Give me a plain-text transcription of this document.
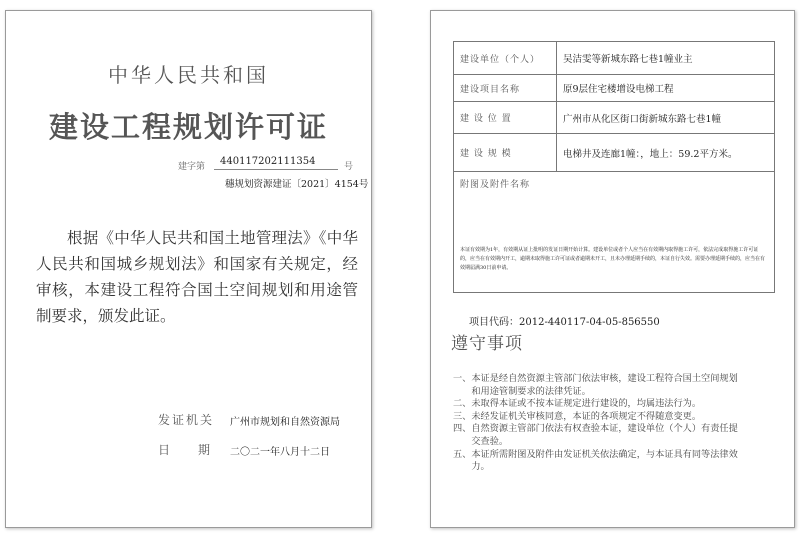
中华人民共和国
建设工程规划许可证
建字第	440117202111354	号
穗规划资源建证〔2021〕4154号
根据《中华人民共和国土地管理法》《中华人民共和国城乡规划法》和国家有关规定，经审核，本建设工程符合国土空间规划和用途管制要求，颁发此证。
发证机关 广州市规划和自然资源局
日 期 二〇二一年八月十二日
建设单位（个人）	吴洁雯等新城东路七巷1幢业主
建设项目名称	原9层住宅楼增设电梯工程
建 设 位 置	广州市从化区街口街新城东路七巷1幢
建 设 规 模	电梯井及连廊1幢：，地上：59.2平方米。

附图及附件名称
本证有效期为1年，有效期从证上批明的发证日期开始计算。建设单位或者个人应当在有效期内取得施工许可，依法完成取得施工许可证的，应当在有效期内开工，逾期未取得施工许可证或者逾期未开工，且未办理延期手续的，本证自行失效。需要办理延期手续的，应当在有效期届满30日前申请。	
项目代码：2012-440117-04-05-856550
遵守事项
一、本证是经自然资源主管部门依法审核，建设工程符合国土空间规划
　　和用途管制要求的法律凭证。
二、未取得本证或不按本证规定进行建设的，均属违法行为。
三、未经发证机关审核同意，本证的各项规定不得随意变更。
四、自然资源主管部门依法有权查验本证，建设单位（个人）有责任提
　　交查验。
五、本证所需附图及附件由发证机关依法确定，与本证具有同等法律效
　　力。
